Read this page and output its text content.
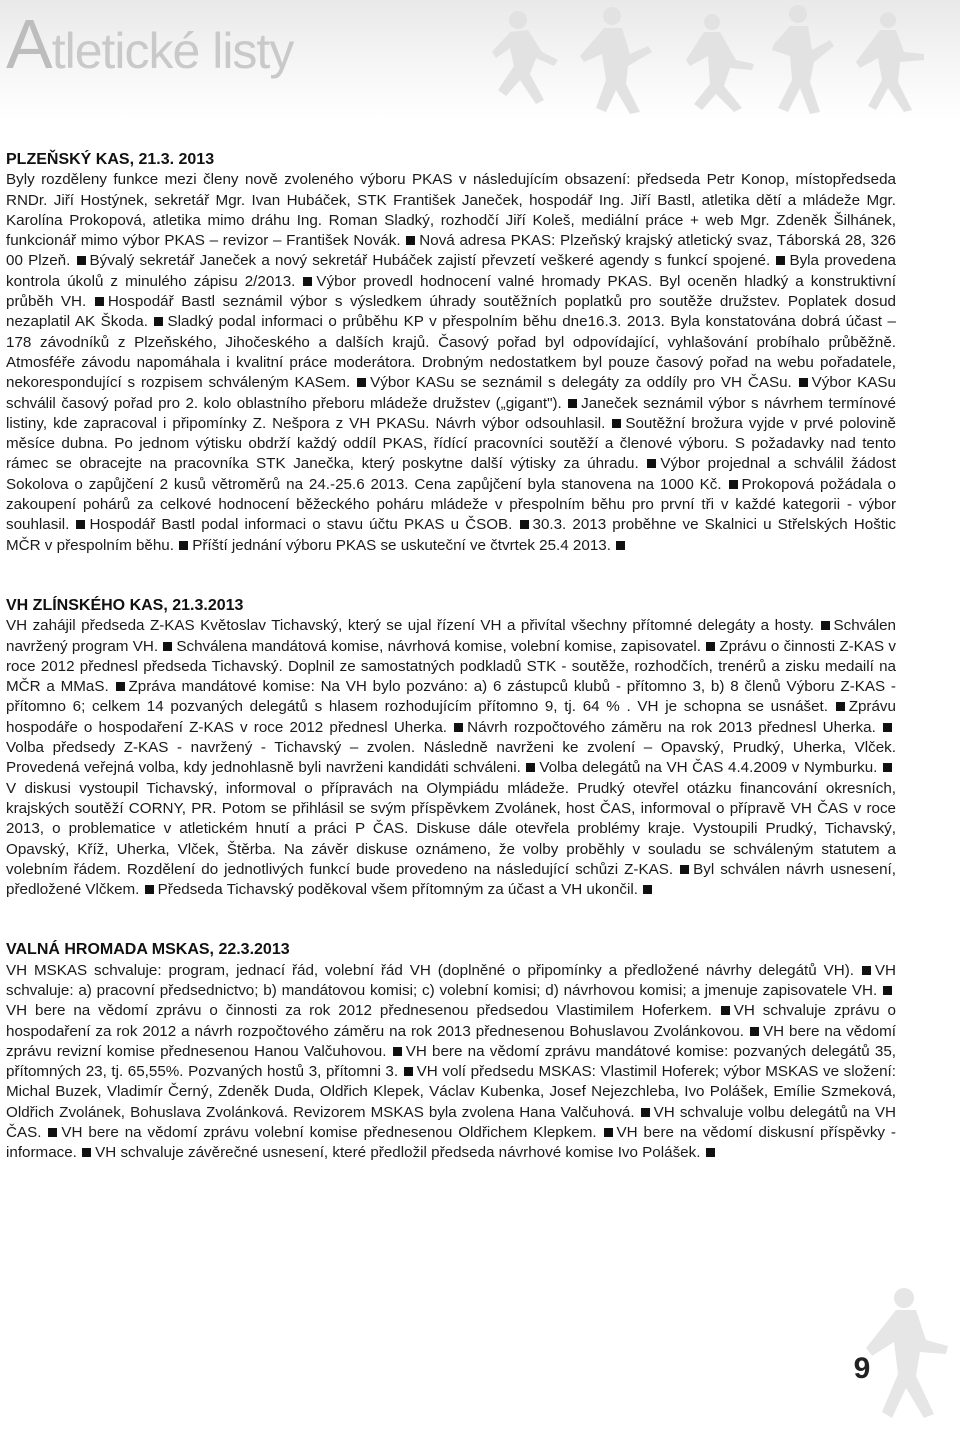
Atletické listy
PLZEŇSKÝ KAS, 21.3. 2013

Byly rozděleny funkce mezi členy nově zvoleného výboru PKAS v následujícím obsazení: předseda Petr Konop, místopředseda RNDr. Jiří Hostýnek, sekretář Mgr. Ivan Hubáček, STK František Janeček, hospodář Ing. Jiří Bastl, atletika dětí a mládeže Mgr. Karolína Prokopová, atletika mimo dráhu Ing. Roman Sladký, rozhodčí Jiří Koleš, mediální práce + web Mgr. Zdeněk Šilhánek, funkcionář mimo výbor PKAS – revizor – František Novák. Nová adresa PKAS: Plzeňský krajský atletický svaz, Táborská 28, 326 00 Plzeň. Bývalý sekretář Janeček a nový sekretář Hubáček zajistí převzetí veškeré agendy s funkcí spojené. Byla provedena kontrola úkolů z minulého zápisu 2/2013. Výbor provedl hodnocení valné hromady PKAS. Byl oceněn hladký a konstruktivní průběh VH. Hospodář Bastl seznámil výbor s výsledkem úhrady soutěžních poplatků pro soutěže družstev. Poplatek dosud nezaplatil AK Škoda. Sladký podal informaci o průběhu KP v přespolním běhu dne16.3. 2013. Byla konstatována dobrá účast – 178 závodníků z Plzeňského, Jihočeského a dalších krajů. Časový pořad byl odpovídající, vyhlašování probíhalo průběžně. Atmosféře závodu napomáhala i kvalitní práce moderátora. Drobným nedostatkem byl pouze časový pořad na webu pořadatele, nekorespondující s rozpisem schváleným KASem. Výbor KASu se seznámil s delegáty za oddíly pro VH ČASu. Výbor KASu schválil časový pořad pro 2. kolo oblastního přeboru mládeže družstev („gigant"). Janeček seznámil výbor s návrhem termínové listiny, kde zapracoval i připomínky Z. Nešpora z VH PKASu. Návrh výbor odsouhlasil. Soutěžní brožura vyjde v prvé polovině měsíce dubna. Po jednom výtisku obdrží každý oddíl PKAS, řídící pracovníci soutěží a členové výboru. S požadavky nad tento rámec se obracejte na pracovníka STK Janečka, který poskytne další výtisky za úhradu. Výbor projednal a schválil žádost Sokolova o zapůjčení 2 kusů větroměrů na 24.-25.6 2013. Cena zapůjčení byla stanovena na 1000 Kč. Prokopová požádala o zakoupení pohárů za celkové hodnocení běžeckého poháru mládeže v přespolním běhu pro první tři v každé kategorii - výbor souhlasil. Hospodář Bastl podal informaci o stavu účtu PKAS u ČSOB. 30.3. 2013 proběhne ve Skalnici u Střelských Hoštic MČR v přespolním běhu. Příští jednání výboru PKAS se uskuteční ve čtvrtek 25.4 2013.

VH ZLÍNSKÉHO KAS, 21.3.2013

VH zahájil předseda Z-KAS Květoslav Tichavský, který se ujal řízení VH a přivítal všechny přítomné delegáty a hosty. Schválen navržený program VH. Schválena mandátová komise, návrhová komise, volební komise, zapisovatel. Zprávu o činnosti Z-KAS v roce 2012 přednesl předseda Tichavský. Doplnil ze samostatných podkladů STK - soutěže, rozhodčích, trenérů a zisku medailí na MČR a MMaS. Zpráva mandátové komise: Na VH bylo pozváno: a) 6 zástupců klubů - přítomno 3, b) 8 členů Výboru Z-KAS - přítomno 6; celkem 14 pozvaných delegátů s hlasem rozhodujícím přítomno 9, tj. 64 % . VH je schopna se usnášet. Zprávu hospodáře o hospodaření Z-KAS v roce 2012 přednesl Uherka. Návrh rozpočtového záměru na rok 2013 přednesl Uherka. Volba předsedy Z-KAS - navržený - Tichavský – zvolen. Následně navrženi ke zvolení – Opavský, Prudký, Uherka, Vlček. Provedená veřejná volba, kdy jednohlasně byli navrženi kandidáti schváleni. Volba delegátů na VH ČAS 4.4.2009 v Nymburku. V diskusi vystoupil Tichavský, informoval o přípravách na Olympiádu mládeže. Prudký otevřel otázku financování okresních, krajských soutěží CORNY, PR. Potom se přihlásil se svým příspěvkem Zvolánek, host ČAS, informoval o přípravě VH ČAS v roce 2013, o problematice v atletickém hnutí a práci P ČAS. Diskuse dále otevřela problémy kraje. Vystoupili Prudký, Tichavský, Opavský, Kříž, Uherka, Vlček, Štěrba. Na závěr diskuse oznámeno, že volby proběhly v souladu se schváleným statutem a volebním řádem. Rozdělení do jednotlivých funkcí bude provedeno na následující schůzi Z-KAS. Byl schválen návrh usnesení, předložené Vlčkem. Předseda Tichavský poděkoval všem přítomným za účast a VH ukončil.

VALNÁ HROMADA MSKAS, 22.3.2013

VH MSKAS schvaluje: program, jednací řád, volební řád VH (doplněné o připomínky a předložené návrhy delegátů VH). VH schvaluje: a) pracovní předsednictvo; b) mandátovou komisi; c) volební komisi; d) návrhovou komisi; a jmenuje zapisovatele VH. VH bere na vědomí zprávu o činnosti za rok 2012 přednesenou předsedou Vlastimilem Hoferkem. VH schvaluje zprávu o hospodaření za rok 2012 a návrh rozpočtového záměru na rok 2013 přednesenou Bohuslavou Zvolánkovou. VH bere na vědomí zprávu revizní komise přednesenou Hanou Valčuhovou. VH bere na vědomí zprávu mandátové komise: pozvaných delegátů 35, přítomných 23, tj. 65,55%. Pozvaných hostů 3, přítomni 3. VH volí předsedu MSKAS: Vlastimil Hoferek; výbor MSKAS ve složení: Michal Buzek, Vladimír Černý, Zdeněk Duda, Oldřich Klepek, Václav Kubenka, Josef Nejezchleba, Ivo Polášek, Emílie Szmeková, Oldřich Zvolánek, Bohuslava Zvolánková. Revizorem MSKAS byla zvolena Hana Valčuhová. VH schvaluje volbu delegátů na VH ČAS. VH bere na vědomí zprávu volební komise přednesenou Oldřichem Klepkem. VH bere na vědomí diskusní příspěvky - informace. VH schvaluje závěrečné usnesení, které předložil předseda návrhové komise Ivo Polášek.

9
